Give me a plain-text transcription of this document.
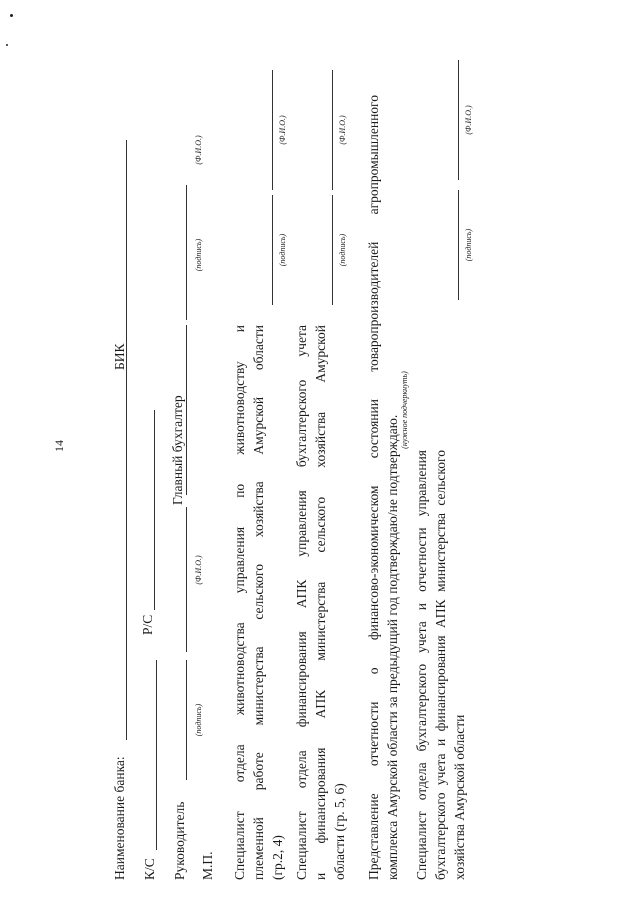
14
Наименование банка:
БИК
К/С
Р/С
Руководитель
(подпись)
(Ф.И.О.)
Главный бухгалтер
(подпись)
(Ф.И.О.)
М.П. Специалист отдела животноводства управления по животноводству и племенной работе министерства сельского хозяйства Амурской области (гр.2, 4)
(подпись)
(Ф.И.О.)
Специалист отдела финансирования АПК управления бухгалтерского учета и финансирования АПК министерства сельского хозяйства Амурской области (гр. 5, 6)
(подпись)
(Ф.И.О.) Представление отчетности о финансово-экономическом состоянии товаропроизводителей агропромышленного комплекса Амурской области за предыдущий год подтверждаю/не подтверждаю.
(нужное подчеркнуть)
Специалист отдела бухгалтерского учета и отчетности управления бухгалтерского учета и финансирования АПК министерства сельского хозяйства Амурской области
(подпись)
(Ф.И.О.)
